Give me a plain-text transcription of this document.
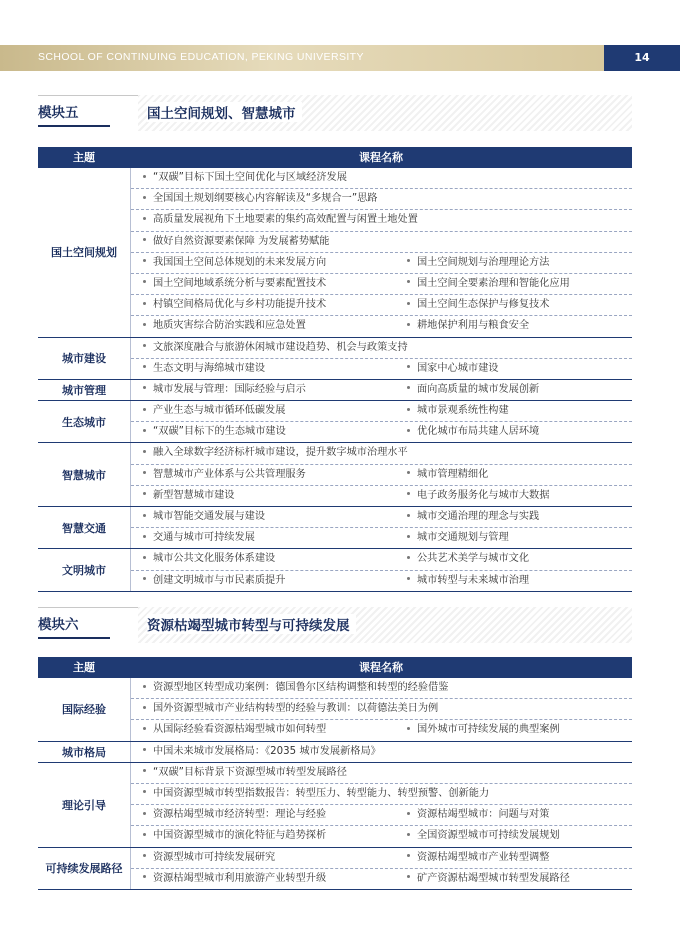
SCHOOL OF CONTINUING EDUCATION, PEKING UNIVERSITY	14
模块五	国土空间规划、智慧城市
主题	课程名称
国土空间规划
“双碳”目标下国土空间优化与区域经济发展
全国国土规划纲要核心内容解读及“多规合一”思路
高质量发展视角下土地要素的集约高效配置与闲置土地处置
做好自然资源要素保障 为发展蓄势赋能
我国国土空间总体规划的未来发展方向	国土空间规划与治理理论方法
国土空间地域系统分析与要素配置技术	国土空间全要素治理和智能化应用
村镇空间格局优化与乡村功能提升技术	国土空间生态保护与修复技术
地质灾害综合防治实践和应急处置	耕地保护利用与粮食安全
城市建设
文旅深度融合与旅游休闲城市建设趋势、机会与政策支持
生态文明与海绵城市建设	国家中心城市建设
城市管理	城市发展与管理：国际经验与启示	面向高质量的城市发展创新
生态城市
产业生态与城市循环低碳发展	城市景观系统性构建
“双碳”目标下的生态城市建设	优化城市布局共建人居环境
智慧城市
融入全球数字经济标杆城市建设，提升数字城市治理水平
智慧城市产业体系与公共管理服务	城市管理精细化
新型智慧城市建设	电子政务服务化与城市大数据
智慧交通
城市智能交通发展与建设	城市交通治理的理念与实践
交通与城市可持续发展	城市交通规划与管理
文明城市
城市公共文化服务体系建设	公共艺术美学与城市文化
创建文明城市与市民素质提升	城市转型与未来城市治理
模块六	资源枯竭型城市转型与可持续发展
主题	课程名称
国际经验
资源型地区转型成功案例：德国鲁尔区结构调整和转型的经验借鉴
国外资源型城市产业结构转型的经验与教训：以荷德法美日为例
从国际经验看资源枯竭型城市如何转型	国外城市可持续发展的典型案例
城市格局	中国未来城市发展格局：《2035 城市发展新格局》
理论引导
“双碳”目标背景下资源型城市转型发展路径
中国资源型城市转型指数报告：转型压力、转型能力、转型预警、创新能力
资源枯竭型城市经济转型：理论与经验	资源枯竭型城市：问题与对策
中国资源型城市的演化特征与趋势探析	全国资源型城市可持续发展规划
可持续发展路径
资源型城市可持续发展研究	资源枯竭型城市产业转型调整
资源枯竭型城市利用旅游产业转型升级	矿产资源枯竭型城市转型发展路径
